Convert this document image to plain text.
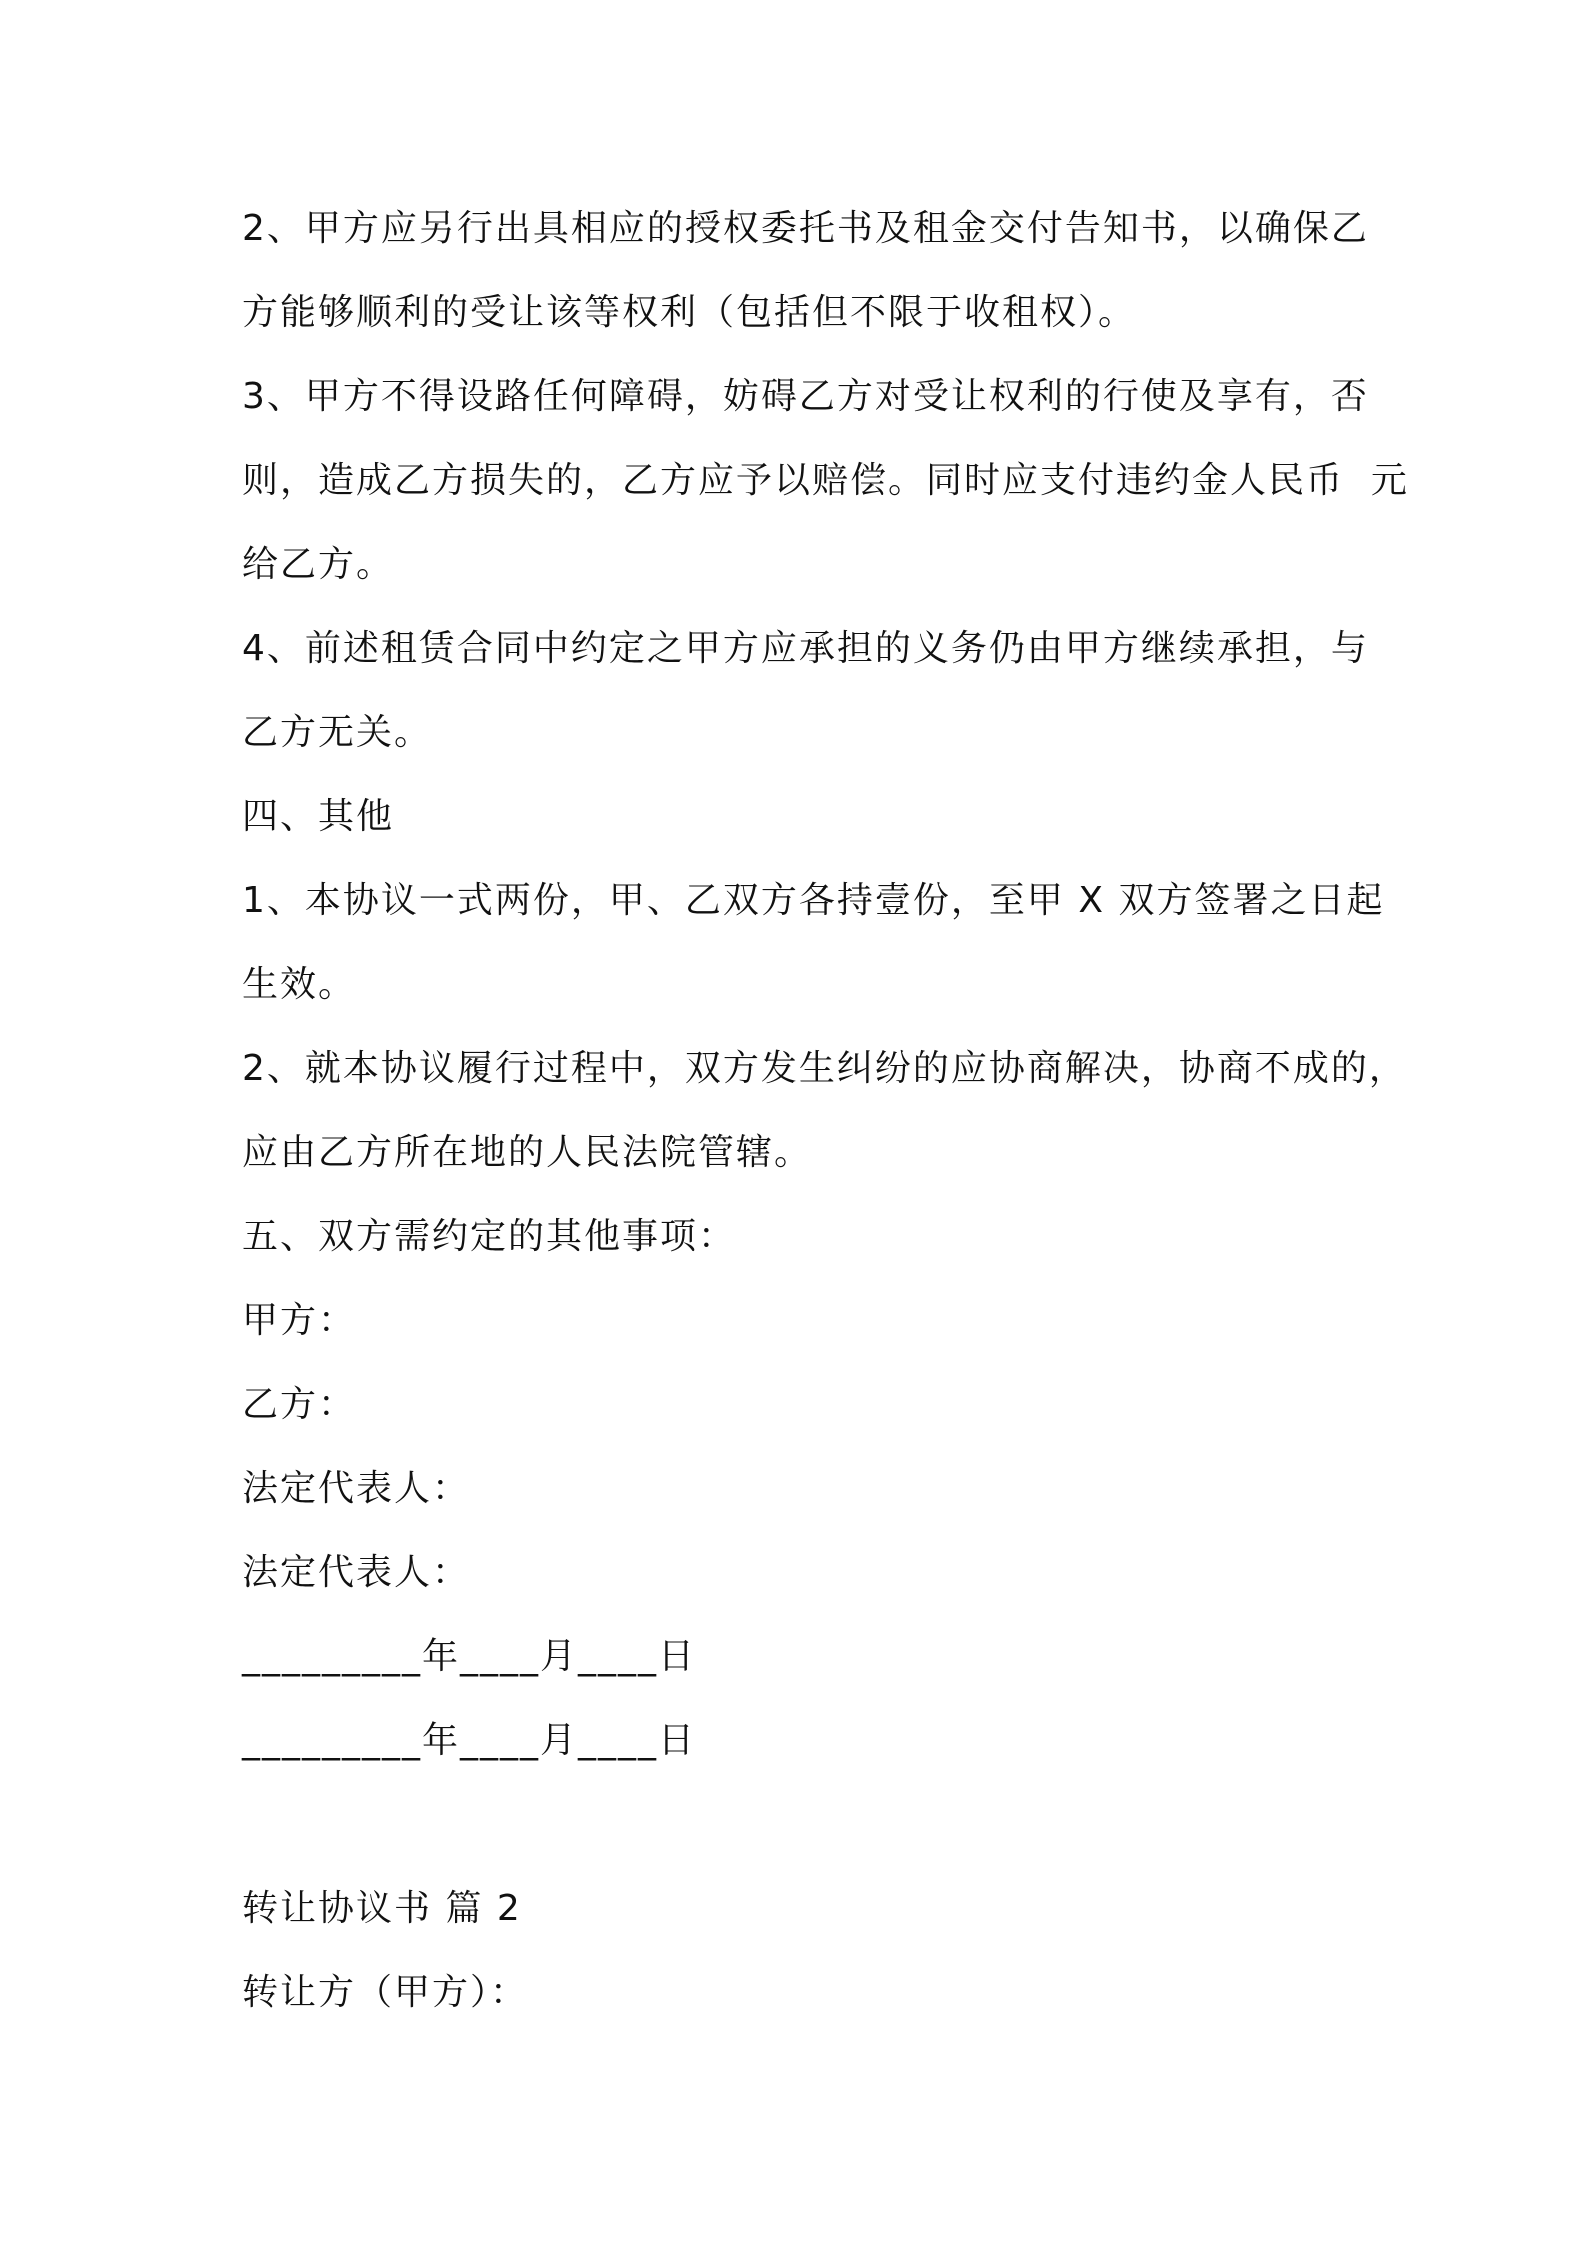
2、甲方应另行出具相应的授权委托书及租金交付告知书，以确保乙
方能够顺利的受让该等权利（包括但不限于收租权）。
3、甲方不得设路任何障碍，妨碍乙方对受让权利的行使及享有，否
则，造成乙方损失的，乙方应予以赔偿。同时应支付违约金人民币  元
给乙方。
4、前述租赁合同中约定之甲方应承担的义务仍由甲方继续承担，与
乙方无关。
四、其他
1、本协议一式两份，甲、乙双方各持壹份，至甲 X 双方签署之日起
生效。
2、就本协议履行过程中，双方发生纠纷的应协商解决，协商不成的，
应由乙方所在地的人民法院管辖。
五、双方需约定的其他事项：
甲方：
乙方：
法定代表人：
法定代表人：
_________年____月____日
_________年____月____日
转让协议书 篇 2
转让方（甲方）：
